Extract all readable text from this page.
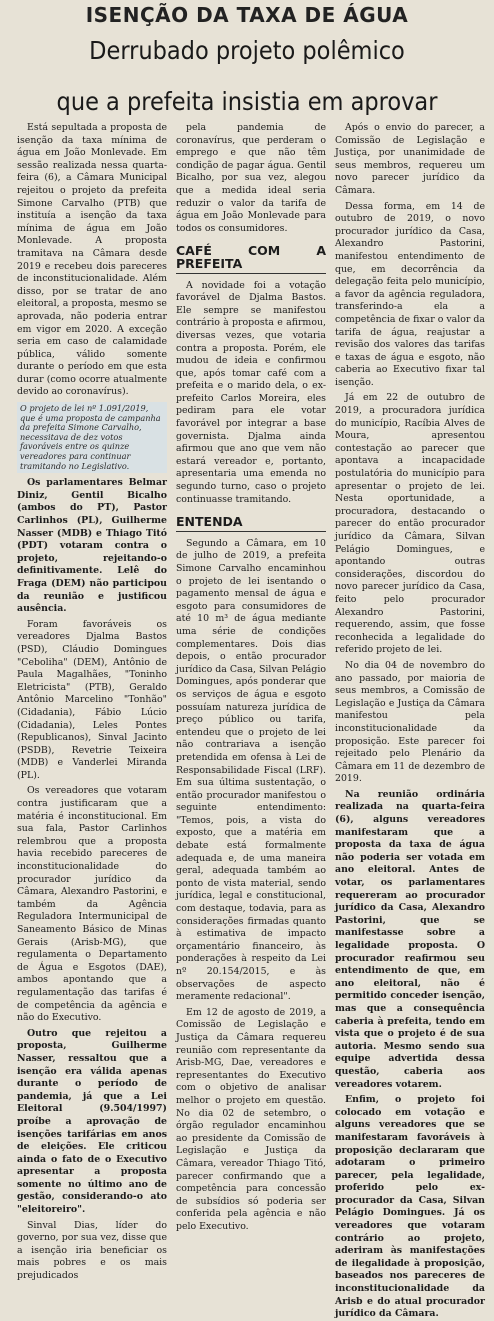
ISENÇÃO DA TAXA DE ÁGUA
Derrubado projeto polêmico
que a prefeita insistia em aprovar

Está sepultada a proposta de isenção da taxa mínima de água em João Monlevade. Em sessão realizada nessa quarta-feira (6), a Câmara Municipal rejeitou o projeto da prefeita Simone Carvalho (PTB) que instituía a isenção da taxa mínima de água em João Monlevade. A proposta tramitava na Câmara desde 2019 e recebeu dois pareceres de inconstitucionalidade. Além disso, por se tratar de ano eleitoral, a proposta, mesmo se aprovada, não poderia entrar em vigor em 2020. A exceção seria em caso de calamidade pública, válido somente durante o período em que esta durar (como ocorre atualmente devido ao coronavírus).

O projeto de lei nº 1.091/2019, que é uma proposta de campanha da prefeita Simone Carvalho, necessitava de dez votos favoráveis entre os quinze vereadores para continuar tramitando no Legislativo.

Os parlamentares Belmar Diniz, Gentil Bicalho (ambos do PT), Pastor Carlinhos (PL), Guilherme Nasser (MDB) e Thiago Titó (PDT) votaram contra o projeto, rejeitando-o definitivamente. Lelê do Fraga (DEM) não participou da reunião e justificou ausência.

Foram favoráveis os vereadores Djalma Bastos (PSD), Cláudio Domingues "Ceboliha" (DEM), Antônio de Paula Magalhães, "Toninho Eletricista" (PTB), Geraldo Antônio Marcelino "Tonhão" (Cidadania), Fábio Lúcio (Cidadania), Leles Pontes (Republicanos), Sinval Jacinto (PSDB), Revetrie Teixeira (MDB) e Vanderlei Miranda (PL).

Os vereadores que votaram contra justificaram que a matéria é inconstitucional. Em sua fala, Pastor Carlinhos relembrou que a proposta havia recebido pareceres de inconstitucionalidade do procurador jurídico da Câmara, Alexandro Pastorini, e também da Agência Reguladora Intermunicipal de Saneamento Básico de Minas Gerais (Arisb-MG), que regulamenta o Departamento de Água e Esgotos (DAE), ambos apontando que a regulamentação das tarifas é de competência da agência e não do Executivo.

Outro que rejeitou a proposta, Guilherme Nasser, ressaltou que a isenção era válida apenas durante o período de pandemia, já que a Lei Eleitoral (9.504/1997) proíbe a aprovação de isenções tarifárias em anos de eleições. Ele criticou ainda o fato de o Executivo apresentar a proposta somente no último ano de gestão, considerando-o ato "eleitoreiro".

Sinval Dias, líder do governo, por sua vez, disse que a isenção iria beneficiar os mais pobres e os mais prejudicados

pela pandemia de coronavírus, que perderam o emprego e que não têm condição de pagar água. Gentil Bicalho, por sua vez, alegou que a medida ideal seria reduzir o valor da tarifa de água em João Monlevade para todos os consumidores.

CAFÉ COM A PREFEITA

A novidade foi a votação favorável de Djalma Bastos. Ele sempre se manifestou contrário à proposta e afirmou, diversas vezes, que votaria contra a proposta. Porém, ele mudou de ideia e confirmou que, após tomar café com a prefeita e o marido dela, o ex-prefeito Carlos Moreira, eles pediram para ele votar favorável por integrar a base governista. Djalma ainda afirmou que ano que vem não estará vereador e, portanto, apresentaria uma emenda no segundo turno, caso o projeto continuasse tramitando.

ENTENDA

Segundo a Câmara, em 10 de julho de 2019, a prefeita Simone Carvalho encaminhou o projeto de lei isentando o pagamento mensal de água e esgoto para consumidores de até 10 m³ de água mediante uma série de condições complementares. Dois dias depois, o então procurador jurídico da Casa, Silvan Pelágio Domingues, após ponderar que os serviços de água e esgoto possuíam natureza jurídica de preço público ou tarifa, entendeu que o projeto de lei não contrariava a isenção pretendida em ofensa à Lei de Responsabilidade Fiscal (LRF). Em sua última sustentação, o então procurador manifestou o seguinte entendimento: "Temos, pois, a vista do exposto, que a matéria em debate está formalmente adequada e, de uma maneira geral, adequada também ao ponto de vista material, sendo jurídica, legal e constitucional, com destaque, todavia, para as considerações firmadas quanto à estimativa de impacto orçamentário financeiro, às ponderações à respeito da Lei nº 20.154/2015, e às observações de aspecto meramente redacional".

Em 12 de agosto de 2019, a Comissão de Legislação e Justiça da Câmara requereu reunião com representante da Arisb-MG, Dae, vereadores e representantes do Executivo com o objetivo de analisar melhor o projeto em questão. No dia 02 de setembro, o órgão regulador encaminhou ao presidente da Comissão de Legislação e Justiça da Câmara, vereador Thiago Titó, parecer confirmando que a competência para concessão de subsídios só poderia ser conferida pela agência e não pelo Executivo.

Após o envio do parecer, a Comissão de Legislação e Justiça, por unanimidade de seus membros, requereu um novo parecer jurídico da Câmara.

Dessa forma, em 14 de outubro de 2019, o novo procurador jurídico da Casa, Alexandro Pastorini, manifestou entendimento de que, em decorrência da delegação feita pelo município, a favor da agência reguladora, transferindo-a ela a competência de fixar o valor da tarifa de água, reajustar a revisão dos valores das tarifas e taxas de água e esgoto, não caberia ao Executivo fixar tal isenção.

Já em 22 de outubro de 2019, a procuradora jurídica do município, Racíbia Alves de Moura, apresentou contestação ao parecer que apontava a incapacidade postulatória do município para apresentar o projeto de lei. Nesta oportunidade, a procuradora, destacando o parecer do então procurador jurídico da Câmara, Silvan Pelágio Domingues, e apontando outras considerações, discordou do novo parecer jurídico da Casa, feito pelo procurador Alexandro Pastorini, requerendo, assim, que fosse reconhecida a legalidade do referido projeto de lei.

No dia 04 de novembro do ano passado, por maioria de seus membros, a Comissão de Legislação e Justiça da Câmara manifestou pela inconstitucionalidade da proposição. Este parecer foi rejeitado pelo Plenário da Câmara em 11 de dezembro de 2019.

Na reunião ordinária realizada na quarta-feira (6), alguns vereadores manifestaram que a proposta da taxa de água não poderia ser votada em ano eleitoral. Antes de votar, os parlamentares requereram ao procurador jurídico da Casa, Alexandro Pastorini, que se manifestasse sobre a legalidade proposta. O procurador reafirmou seu entendimento de que, em ano eleitoral, não é permitido conceder isenção, mas que a consequência caberia à prefeita, tendo em vista que o projeto é de sua autoria. Mesmo sendo sua equipe advertida dessa questão, caberia aos vereadores votarem.

Enfim, o projeto foi colocado em votação e alguns vereadores que se manifestaram favoráveis à proposição declararam que adotaram o primeiro parecer, pela legalidade, proferido pelo ex-procurador da Casa, Silvan Pelágio Domingues. Já os vereadores que votaram contrário ao projeto, aderiram às manifestações de ilegalidade à proposição, baseados nos pareceres de inconstitucionalidade da Arisb e do atual procurador jurídico da Câmara.
